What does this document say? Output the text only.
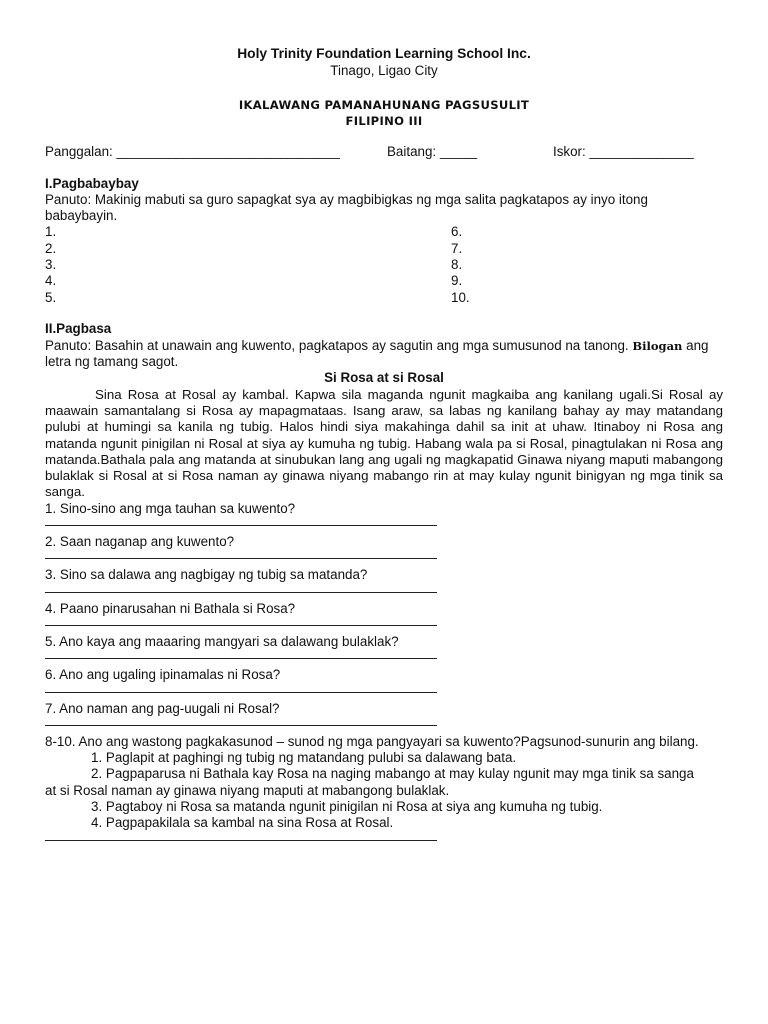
Holy Trinity Foundation Learning School Inc.
Tinago, Ligao City
IKALAWANG PAMANAHUNANG PAGSUSULIT
FILIPINO III
Panggalan: ______________________________	Baitang: _____	Iskor: ______________
I.Pagbabaybay
Panuto: Makinig mabuti sa guro sapagkat sya ay magbibigkas ng mga salita pagkatapos ay inyo itong babaybayin.
1.
2.
3.
4.
5.
6.
7.
8.
9.
10.
II.Pagbasa
Panuto: Basahin at unawain ang kuwento, pagkatapos ay sagutin ang mga sumusunod na tanong. Bilogan ang letra ng tamang sagot.
Si Rosa at si Rosal
Sina Rosa at Rosal ay kambal. Kapwa sila maganda ngunit magkaiba ang kanilang ugali.Si Rosal ay maawain samantalang si Rosa ay mapagmataas. Isang araw, sa labas ng kanilang bahay ay may matandang pulubi at humingi sa kanila ng tubig. Halos hindi siya makahinga dahil sa init at uhaw. Itinaboy ni Rosa ang matanda ngunit pinigilan ni Rosal at siya ay kumuha ng tubig. Habang wala pa si Rosal, pinagtulakan ni Rosa ang matanda.Bathala pala ang matanda at sinubukan lang ang ugali ng magkapatid Ginawa niyang maputi mabangong bulaklak si Rosal at si Rosa naman ay ginawa niyang mabango rin at may kulay ngunit binigyan ng mga tinik sa sanga.
1. Sino-sino ang mga tauhan sa kuwento?
2. Saan naganap ang kuwento?
3. Sino sa dalawa ang nagbigay ng tubig sa matanda?
4. Paano pinarusahan ni Bathala si Rosa?
5. Ano kaya ang maaaring mangyari sa dalawang bulaklak?
6. Ano ang ugaling ipinamalas ni Rosa?
7. Ano naman ang pag-uugali ni Rosal?
8-10. Ano ang wastong pagkakasunod – sunod ng mga pangyayari sa kuwento?Pagsunod-sunurin ang bilang.
1. Paglapit at paghingi ng tubig ng matandang pulubi sa dalawang bata.
2. Pagpaparusa ni Bathala kay Rosa na naging mabango at may kulay ngunit may mga tinik sa sanga
at si Rosal naman ay ginawa niyang maputi at mabangong bulaklak.
3. Pagtaboy ni Rosa sa matanda ngunit pinigilan ni Rosa at siya ang kumuha ng tubig.
4. Pagpapakilala sa kambal na sina Rosa at Rosal.
